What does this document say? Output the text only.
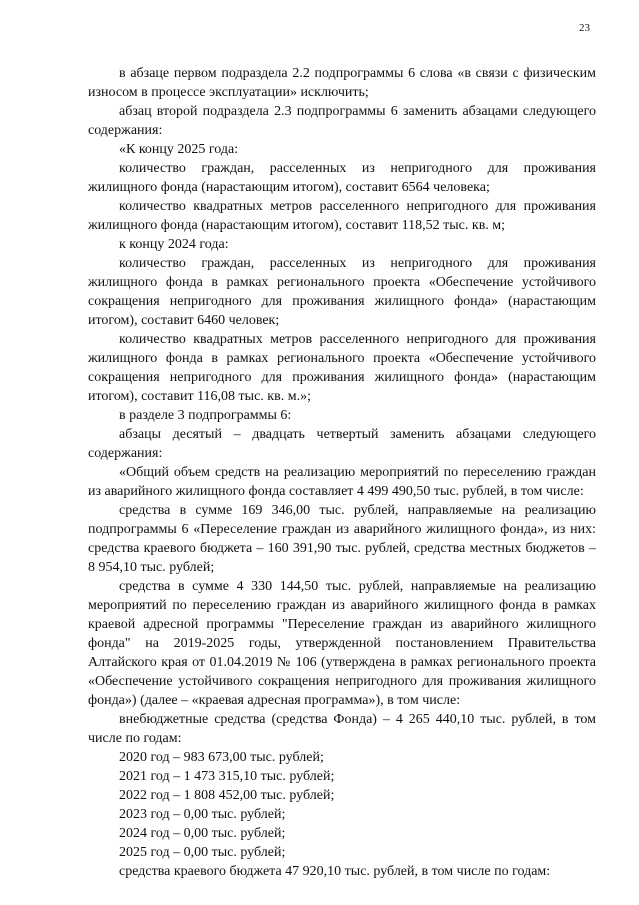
23

в абзаце первом подраздела 2.2 подпрограммы 6 слова «в связи с физическим износом в процессе эксплуатации» исключить;

абзац второй подраздела 2.3 подпрограммы 6 заменить абзацами следующего содержания:

«К концу 2025 года:

количество граждан, расселенных из непригодного для проживания жилищного фонда (нарастающим итогом), составит 6564 человека;

количество квадратных метров расселенного непригодного для проживания жилищного фонда (нарастающим итогом), составит 118,52 тыс. кв. м;

к концу 2024 года:

количество граждан, расселенных из непригодного для проживания жилищного фонда в рамках регионального проекта «Обеспечение устойчивого сокращения непригодного для проживания жилищного фонда» (нарастающим итогом), составит 6460 человек;

количество квадратных метров расселенного непригодного для проживания жилищного фонда в рамках регионального проекта «Обеспечение устойчивого сокращения непригодного для проживания жилищного фонда» (нарастающим итогом), составит 116,08 тыс. кв. м.»;

в разделе 3 подпрограммы 6:

абзацы десятый – двадцать четвертый заменить абзацами следующего содержания:

«Общий объем средств на реализацию мероприятий по переселению граждан из аварийного жилищного фонда составляет 4 499 490,50 тыс. рублей, в том числе:

средства в сумме 169 346,00 тыс. рублей, направляемые на реализацию подпрограммы 6 «Переселение граждан из аварийного жилищного фонда», из них: средства краевого бюджета – 160 391,90 тыс. рублей, средства местных бюджетов – 8 954,10 тыс. рублей;

средства в сумме 4 330 144,50 тыс. рублей, направляемые на реализацию мероприятий по переселению граждан из аварийного жилищного фонда в рамках краевой адресной программы "Переселение граждан из аварийного жилищного фонда" на 2019-2025 годы, утвержденной постановлением Правительства Алтайского края от 01.04.2019 № 106 (утверждена в рамках регионального проекта «Обеспечение устойчивого сокращения непригодного для проживания жилищного фонда») (далее – «краевая адресная программа»), в том числе:

внебюджетные средства (средства Фонда) – 4 265 440,10 тыс. рублей, в том числе по годам:

2020 год – 983 673,00 тыс. рублей;

2021 год – 1 473 315,10 тыс. рублей;

2022 год – 1 808 452,00 тыс. рублей;

2023 год – 0,00 тыс. рублей;

2024 год – 0,00 тыс. рублей;

2025 год – 0,00 тыс. рублей;

средства краевого бюджета 47 920,10 тыс. рублей, в том числе по годам:
